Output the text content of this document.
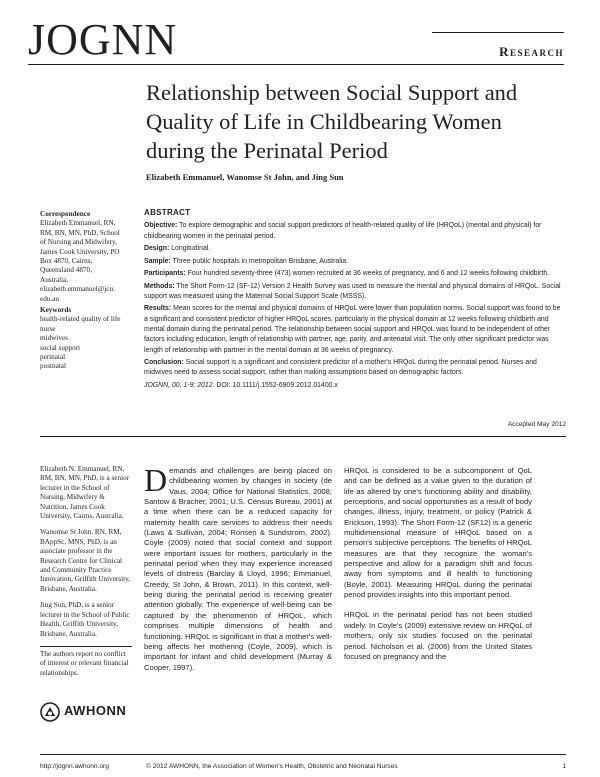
JOGNN	Research
Relationship between Social Support and Quality of Life in Childbearing Women during the Perinatal Period
Elizabeth Emmanuel, Wanomse St John, and Jing Sun
Correspondence
Elizabeth Emmanuel, RN,
RM, BN, MN, PhD, School
of Nursing and Midwifery,
James Cook University, PO
Box 4870, Cairns,
Queensland 4870,
Australia.
elizabeth.emmanuel@jcu.
edu.au
Keywords
health-related quality of life
nurse
midwives
social support
perinatal
postnatal
ABSTRACT

Objective: To explore demographic and social support predictors of health-related quality of life (HRQoL) (mental and physical) for childbearing women in the perinatal period.

Design: Longitudinal.

Sample: Three public hospitals in metropolitan Brisbane, Australia.

Participants: Four hundred seventy-three (473) women recruited at 36 weeks of pregnancy, and 6 and 12 weeks following childbirth.

Methods: The Short Form-12 (SF-12) Version 2 Health Survey was used to measure the mental and physical domains of HRQoL. Social support was measured using the Maternal Social Support Scale (MSSS).

Results: Mean scores for the mental and physical domains of HRQoL were lower than population norms. Social support was found to be a significant and consistent predictor of higher HRQoL scores, particularly in the physical domain at 12 weeks following childbirth and mental domain during the perinatal period. The relationship between social support and HRQoL was found to be independent of other factors including education, length of relationship with partner, age, parity, and antenatal visit. The only other significant predictor was length of relationship with partner in the mental domain at 36 weeks of pregnancy.

Conclusion: Social support is a significant and consistent predictor of a mother's HRQoL during the perinatal period. Nurses and midwives need to assess social support, rather than making assumptions based on demographic factors.

JOGNN, 00, 1-9; 2012. DOI: 10.1111/j.1552-6909.2012.01400.x

Accepted May 2012

Elizabeth N. Emmanuel, RN, RM, BN, MN, PhD, is a senior lecturer in the School of Nursing, Midwifery & Nutrition, James Cook University, Cairns, Australia.

Wanomse St John, RN, RM, BAppSc, MNS, PhD, is an associate professor in the Research Centre for Clinical and Community Practice Innovation, Griffith University, Brisbane, Australia.

Jing Sun, PhD, is a senior lecturer in the School of Public Health, Griffith University, Brisbane, Australia.

The authors report no conflict of interest or relevant financial relationships.
AWHONN

Demands and challenges are being placed on childbearing women by changes in society (de Vaus, 2004; Office for National Statistics, 2008; Santow & Bracher, 2001; U.S. Census Bureau, 2001) at a time when there can be a reduced capacity for maternity health care services to address their needs (Laws & Sullivan, 2004; Ronsen & Sundstrom, 2002). Coyle (2009) noted that social context and support were important issues for mothers, particularly in the perinatal period when they may experience increased levels of distress (Barclay & Lloyd, 1996; Emmanuel, Creedy, St John, & Brown, 2011). In this context, well-being during the perinatal period is receiving greater attention globally. The experience of well-being can be captured by the phenomenon of HRQoL, which comprises multiple dimensions of health and functioning. HRQoL is significant in that a mother's well-being affects her mothering (Coyle, 2009), which is important for infant and child development (Murray & Cooper, 1997).

HRQoL is considered to be a subcomponent of QoL and can be defined as a value given to the duration of life as altered by one's functioning ability and disability, perceptions, and social opportunities as a result of body changes, illness, injury, treatment, or policy (Patrick & Erickson, 1993). The Short Form-12 (SF12) is a generic multidimensional measure of HRQoL based on a person's subjective perceptions. The benefits of HRQoL measures are that they recognize the woman's perspective and allow for a paradigm shift and focus away from symptoms and ill health to functioning (Boyle, 2001). Measuring HRQoL during the perinatal period provides insights into this important period.

HRQoL in the perinatal period has not been studied widely. In Coyle's (2009) extensive review on HRQoL of mothers, only six studies focused on the perinatal period. Nicholson et al. (2006) from the United States focused on pregnancy and the

http://jognn.awhonn.org	© 2012 AWHONN, the Association of Women's Health, Obstetric and Neonatal Nurses	1
